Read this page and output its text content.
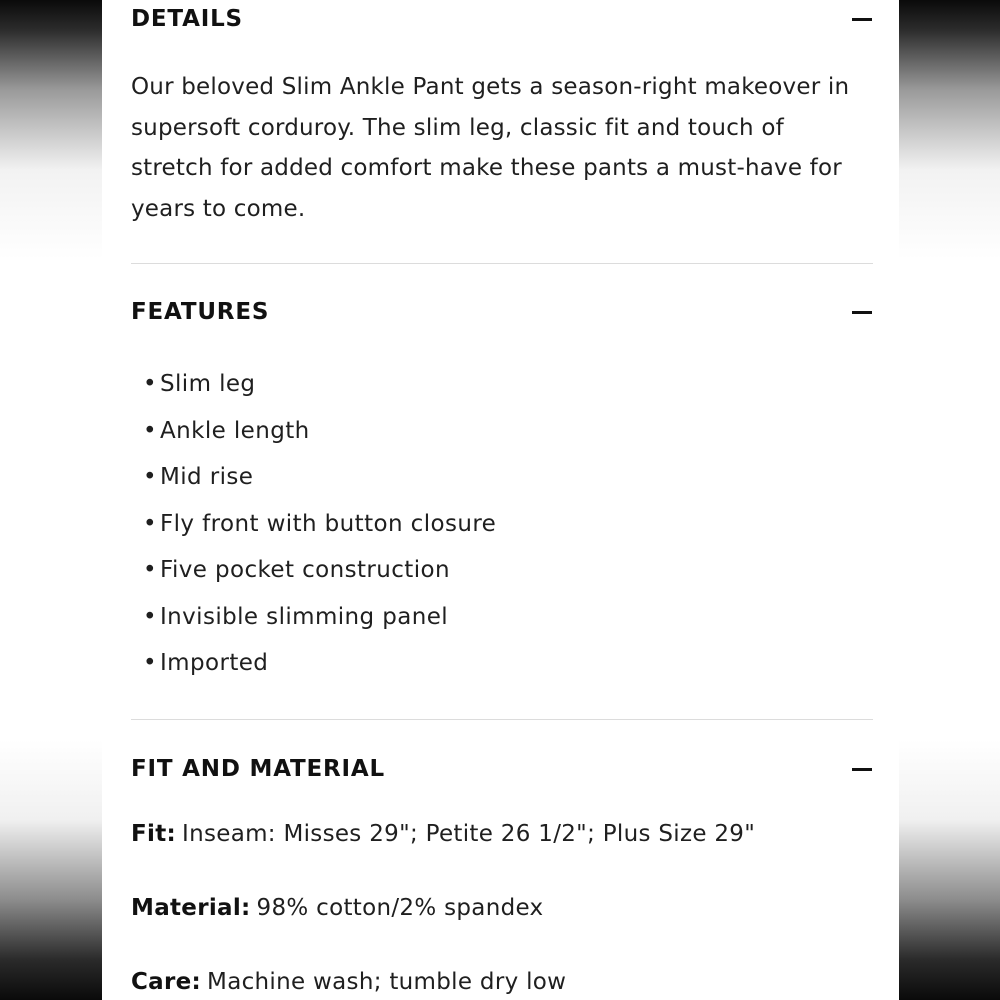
DETAILS
Our beloved Slim Ankle Pant gets a season-right makeover in supersoft corduroy. The slim leg, classic fit and touch of stretch for added comfort make these pants a must-have for years to come.
FEATURES
• Slim leg
• Ankle length
• Mid rise
• Fly front with button closure
• Five pocket construction
• Invisible slimming panel
• Imported
FIT AND MATERIAL
Fit: Inseam: Misses 29"; Petite 26 1/2"; Plus Size 29"
Material: 98% cotton/2% spandex
Care: Machine wash; tumble dry low
